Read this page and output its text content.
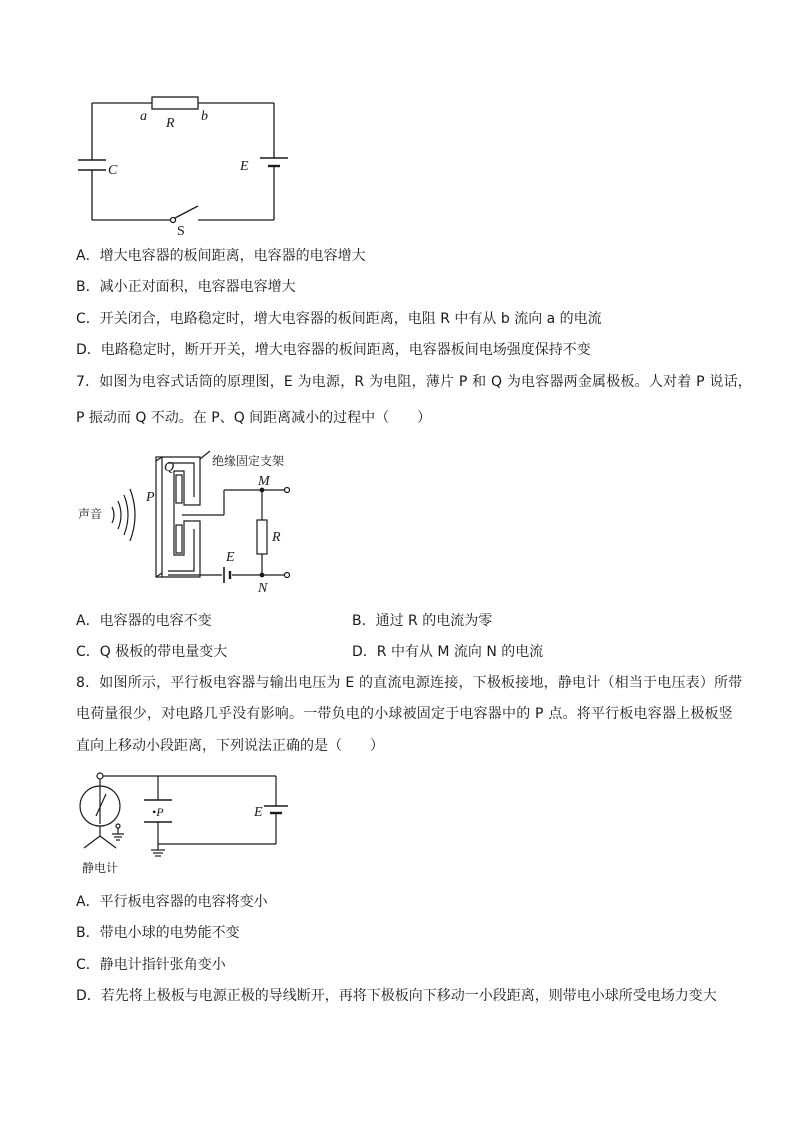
a R b
C	E
S
A．增大电容器的板间距离，电容器的电容增大
B．减小正对面积，电容器电容增大
C．开关闭合，电路稳定时，增大电容器的板间距离，电阻 R 中有从 b 流向 a 的电流
D．电路稳定时，断开开关，增大电容器的板间距离，电容器板间电场强度保持不变
7．如图为电容式话筒的原理图，E 为电源，R 为电阻，薄片 P 和 Q 为电容器两金属极板。人对着 P 说话，
P 振动而 Q 不动。在 P、Q 间距离减小的过程中（　　）
声音
绝缘固定支架
Q
P
M
R
E
N
A．电容器的电容不变	B．通过 R 的电流为零
C．Q 极板的带电量变大	D．R 中有从 M 流向 N 的电流
8．如图所示，平行板电容器与输出电压为 E 的直流电源连接，下极板接地，静电计（相当于电压表）所带
电荷量很少，对电路几乎没有影响。一带负电的小球被固定于电容器中的 P 点。将平行板电容器上极板竖
直向上移动小段距离，下列说法正确的是（　　）
•P	E
静电计
A．平行板电容器的电容将变小
B．带电小球的电势能不变
C．静电计指针张角变小
D．若先将上极板与电源正极的导线断开，再将下极板向下移动一小段距离，则带电小球所受电场力变大
